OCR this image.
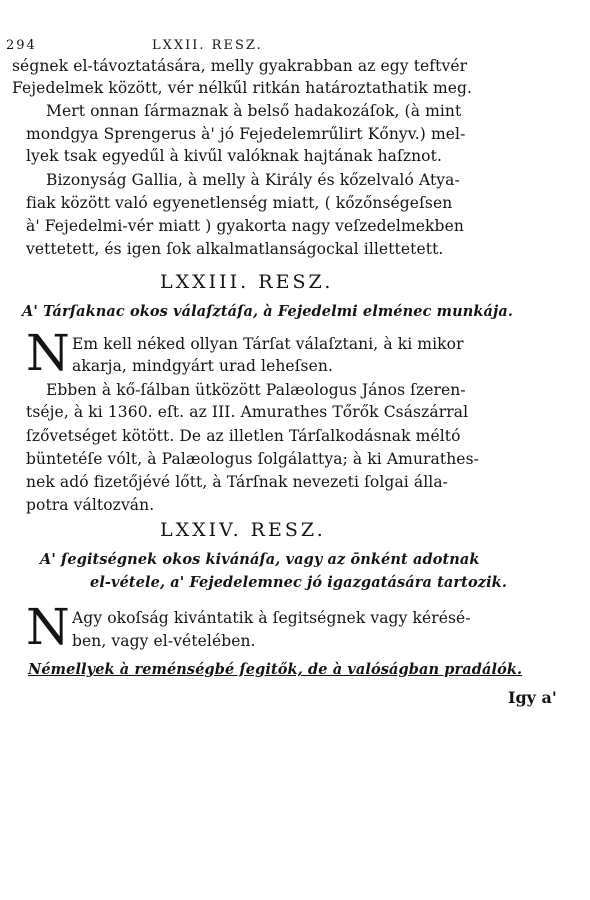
294	LXXII. RESZ.
ségnek el-távoztatására, melly gyakrabban az egy teftvér
Fejedelmek között, vér nélkűl ritkán határoztathatik meg.
Mert onnan ſármaznak à belső hadakozáſok, (à mint
mondgya Sprengerus à' jó Fejedelemrűlirt Kőnyv.) mel-
lyek tsak egyedűl à kivűl valóknak hajtának haſznot.
Bizonyság Gallia, à melly à Király és kőzelvaló Atya-
fiak között való egyenetlenség miatt, ( kőzőnségeſsen
à' Fejedelmi-vér miatt ) gyakorta nagy veſzedelmekben
vettetett, és igen ſok alkalmatlanságockal illettetett.
LXXIII. RESZ.
A' Tárſaknac okos válaſztáſa, à Fejedelmi elménec munkája.
N Em kell néked ollyan Tárſat válaſztani, à ki mikor
akarja, mindgyárt urad leheſsen.
Ebben à kő-ſálban ütközött Palæologus János ſzeren-
tséje, à ki 1360. eſt. az III. Amurathes Tőrők Császárral
ſzővetséget kötött. De az illetlen Tárſalkodásnak méltó
büntetéſe vólt, à Palæologus ſolgálattya; à ki Amurathes-
nek adó fizetőjévé lőtt, à Tárſnak nevezeti ſolgai álla-
potra változván.
LXXIV. RESZ.
A' ſegitségnek okos kivánáſa, vagy az ōnként adotnak
el-vétele, a' Fejedelemnec jó igazgatására tartozik.
N Agy okoſság kivántatik à ſegitségnek vagy kérésé-
ben, vagy el-vételében.
Némellyek à reménségbé ſegitők, de à valóságban pradálók.
Igy a'
